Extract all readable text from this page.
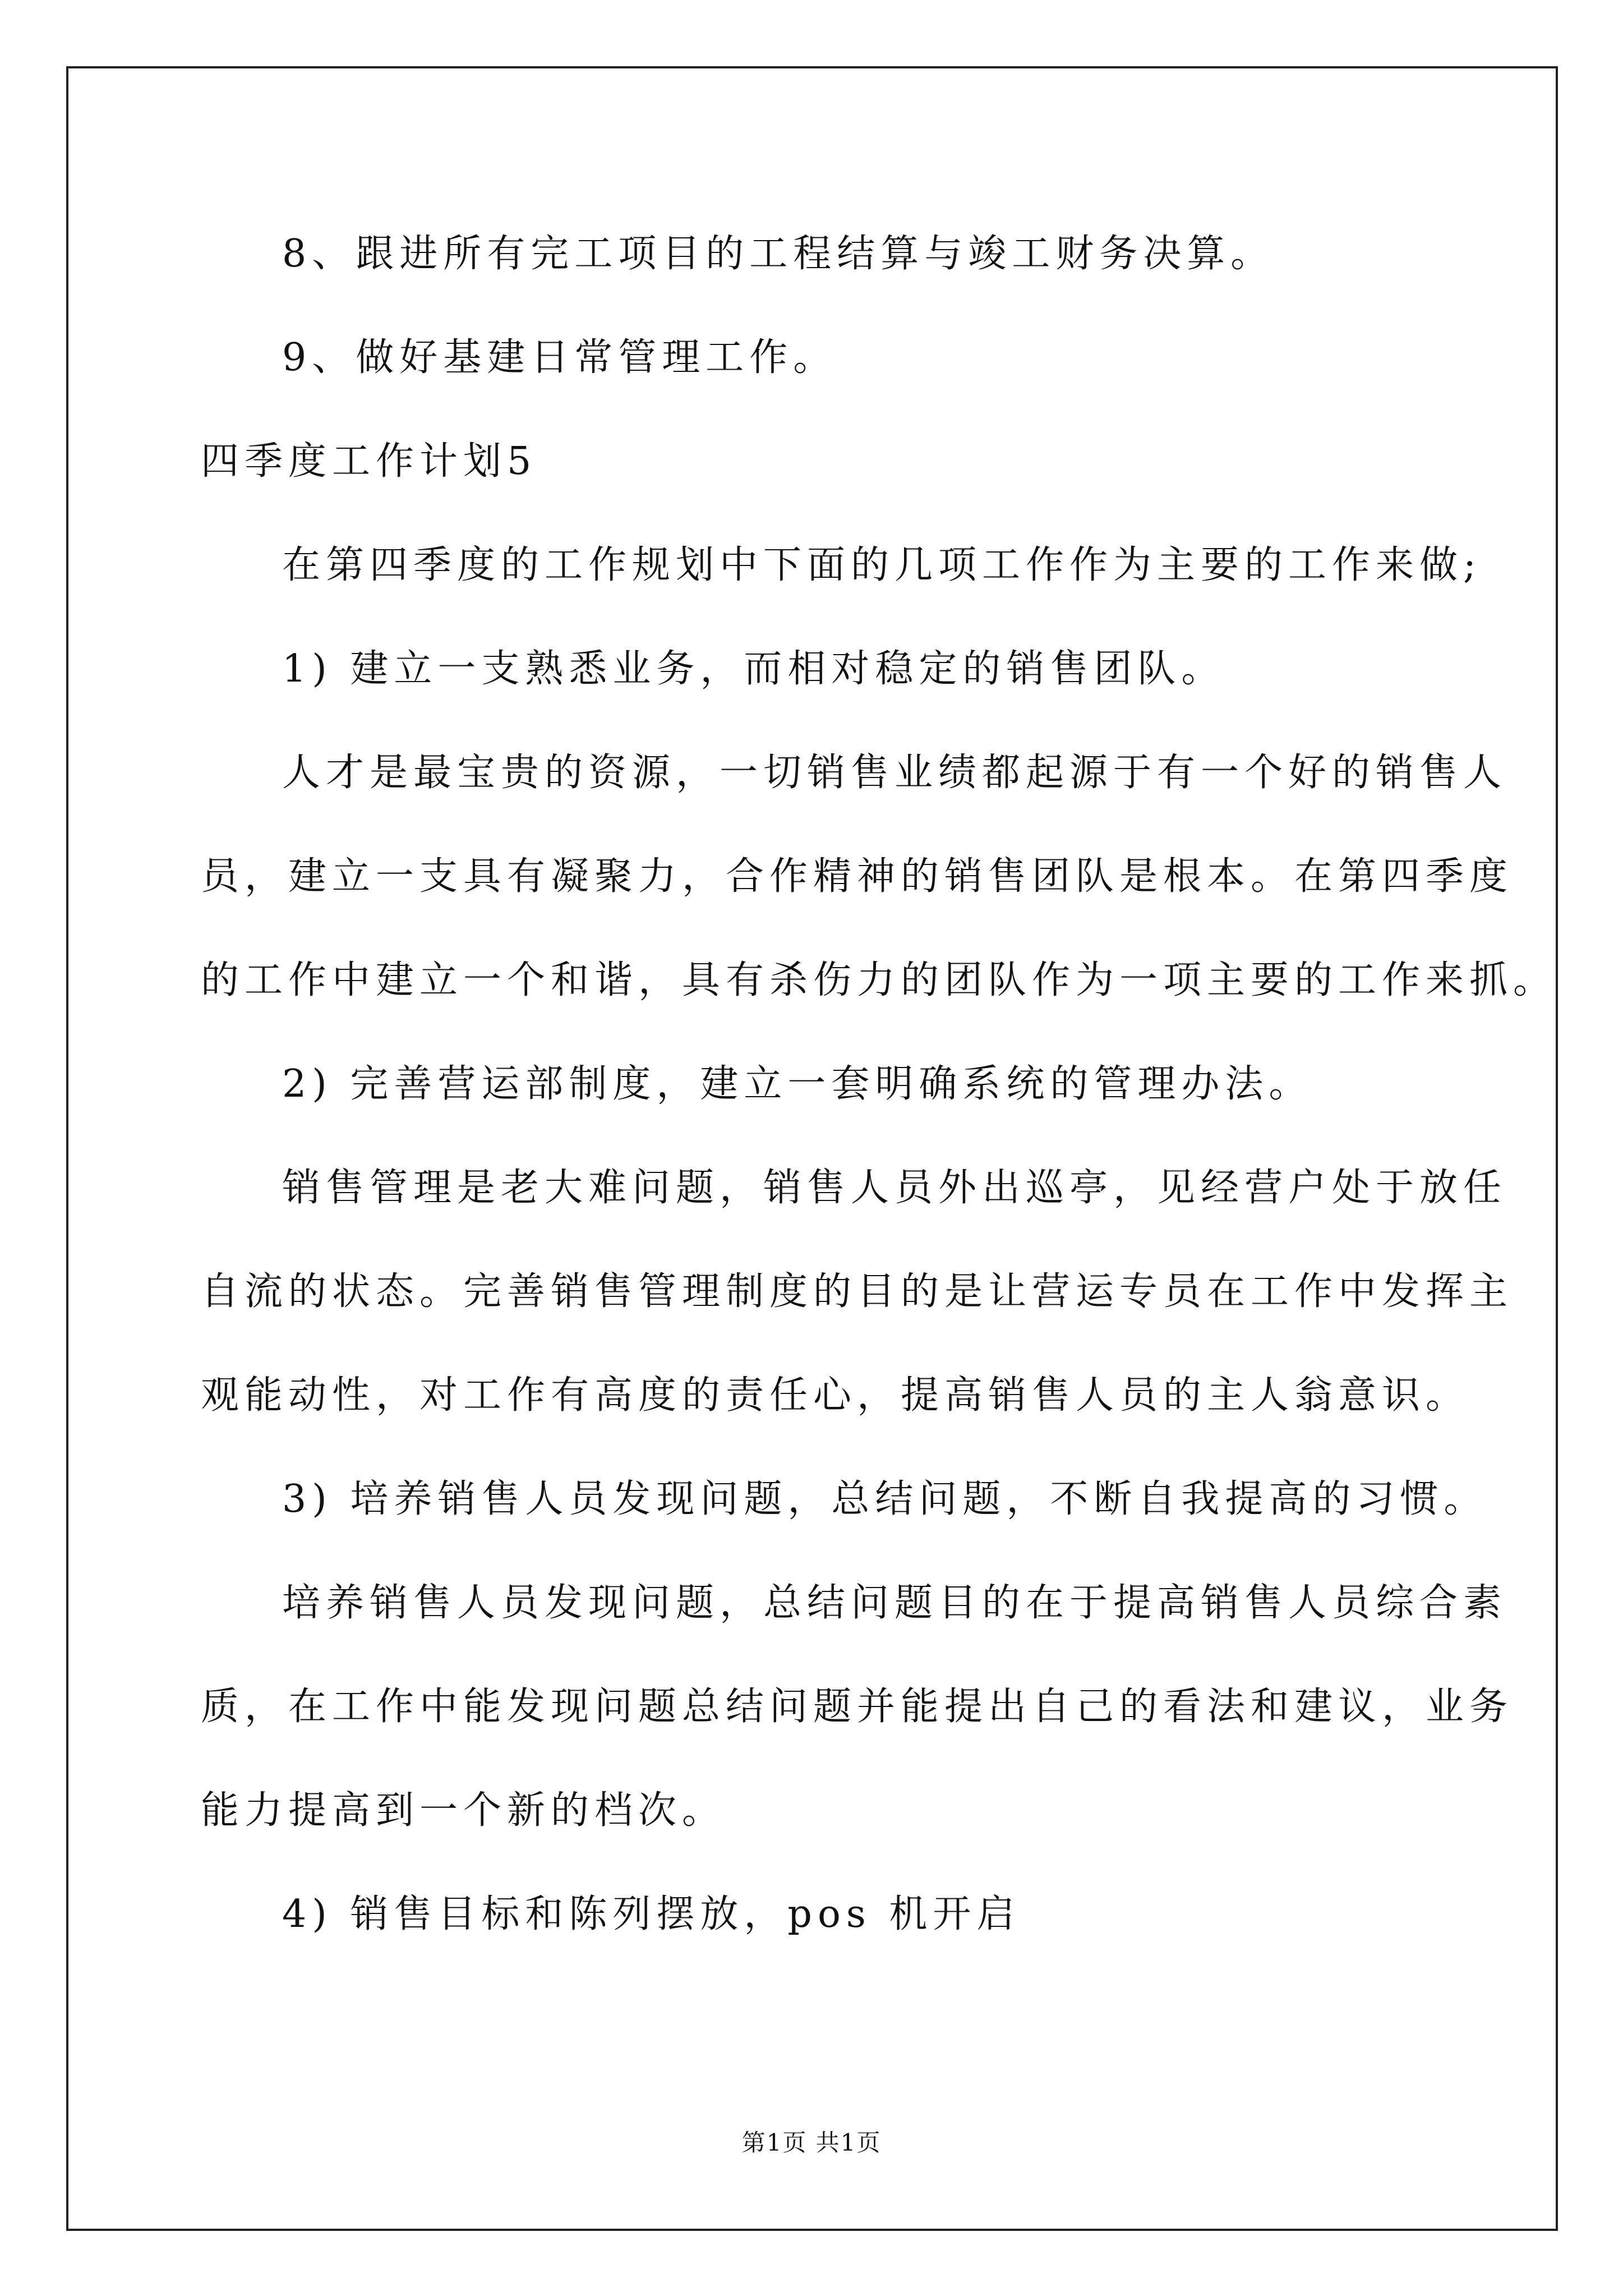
8、跟进所有完工项目的工程结算与竣工财务决算。
9、做好基建日常管理工作。
四季度工作计划5
在第四季度的工作规划中下面的几项工作作为主要的工作来做;
1) 建立一支熟悉业务，而相对稳定的销售团队。
人才是最宝贵的资源，一切销售业绩都起源于有一个好的销售人
员，建立一支具有凝聚力，合作精神的销售团队是根本。在第四季度
的工作中建立一个和谐，具有杀伤力的团队作为一项主要的工作来抓。
2) 完善营运部制度，建立一套明确系统的管理办法。
销售管理是老大难问题，销售人员外出巡亭，见经营户处于放任
自流的状态。完善销售管理制度的目的是让营运专员在工作中发挥主
观能动性，对工作有高度的责任心，提高销售人员的主人翁意识。
3) 培养销售人员发现问题，总结问题，不断自我提高的习惯。
培养销售人员发现问题，总结问题目的在于提高销售人员综合素
质，在工作中能发现问题总结问题并能提出自己的看法和建议，业务
能力提高到一个新的档次。
4) 销售目标和陈列摆放，pos 机开启
第1页 共1页
